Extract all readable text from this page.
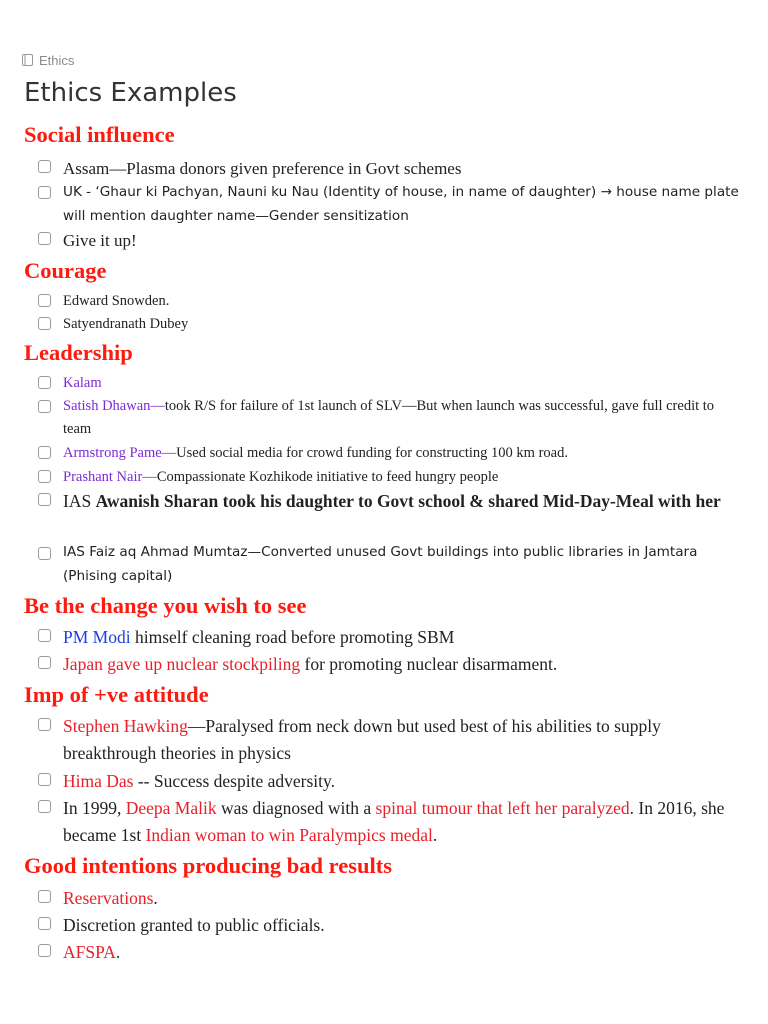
Ethics
Ethics Examples
Social influence
Assam—Plasma donors given preference in Govt schemes
UK - ‘Ghaur ki Pachyan, Nauni ku Nau (Identity of house, in name of daughter) → house name plate will mention daughter name—Gender sensitization
Give it up!
Courage
Edward Snowden.
Satyendranath Dubey
Leadership
Kalam
Satish Dhawan—took R/S for failure of 1st launch of SLV—But when launch was successful, gave full credit to team
Armstrong Pame—Used social media for crowd funding for constructing 100 km road.
Prashant Nair—Compassionate Kozhikode initiative to feed hungry people
IAS Awanish Sharan took his daughter to Govt school & shared Mid-Day-Meal with her
IAS Faiz aq Ahmad Mumtaz—Converted unused Govt buildings into public libraries in Jamtara (Phising capital)
Be the change you wish to see
PM Modi himself cleaning road before promoting SBM
Japan gave up nuclear stockpiling for promoting nuclear disarmament.
Imp of +ve attitude
Stephen Hawking—Paralysed from neck down but used best of his abilities to supply breakthrough theories in physics
Hima Das -- Success despite adversity.
In 1999, Deepa Malik was diagnosed with a spinal tumour that left her paralyzed. In 2016, she became 1st Indian woman to win Paralympics medal.
Good intentions producing bad results
Reservations.
Discretion granted to public officials.
AFSPA.
